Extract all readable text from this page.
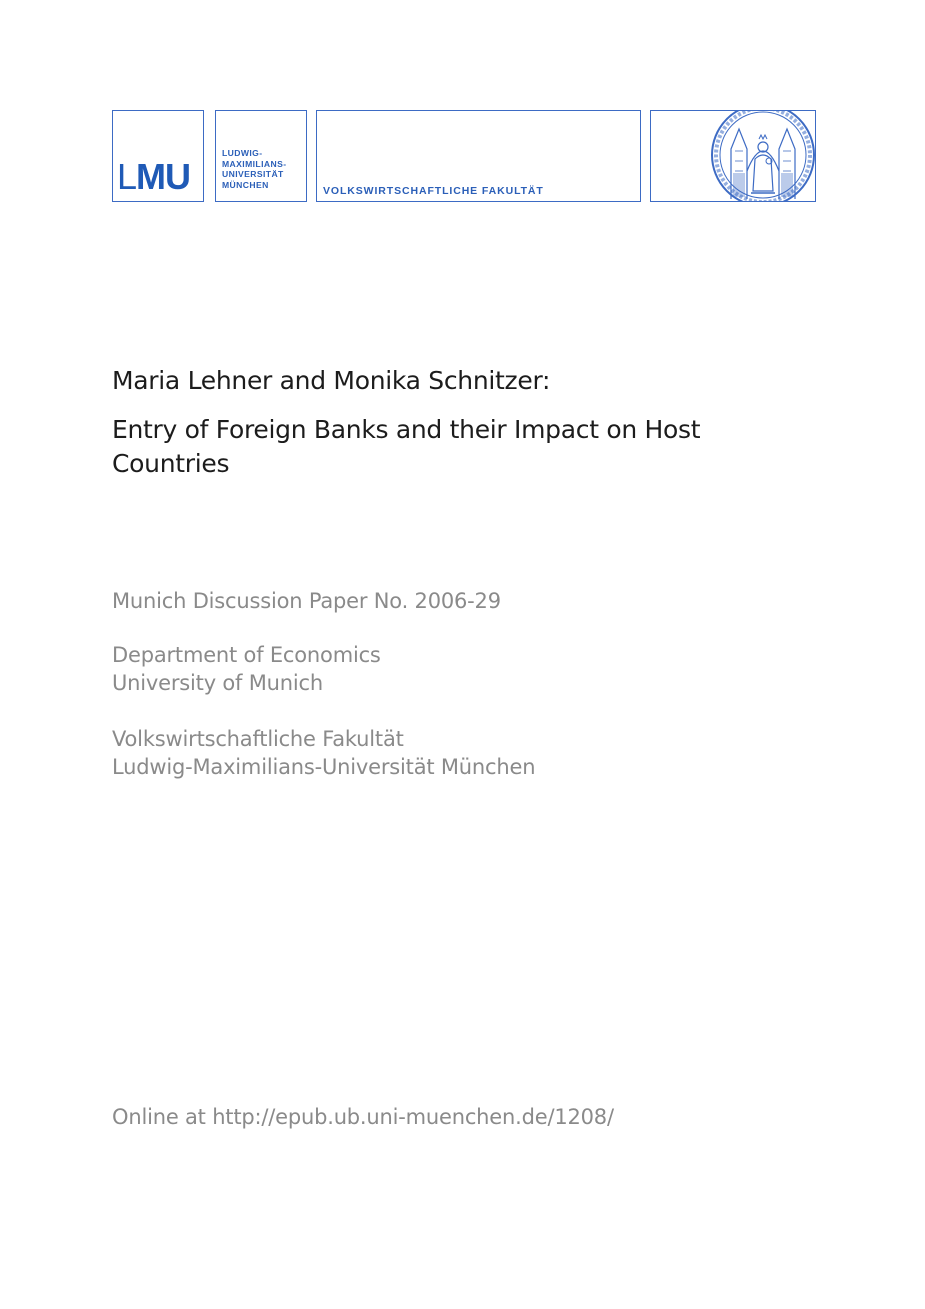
LMU
LUDWIG-
MAXIMILIANS-
UNIVERSITÄT
MÜNCHEN
VOLKSWIRTSCHAFTLICHE FAKULTÄT
Maria Lehner and Monika Schnitzer:
Entry of Foreign Banks and their Impact on Host
Countries
Munich Discussion Paper No. 2006-29
Department of Economics
University of Munich
Volkswirtschaftliche Fakultät
Ludwig-Maximilians-Universität München
Online at http://epub.ub.uni-muenchen.de/1208/
